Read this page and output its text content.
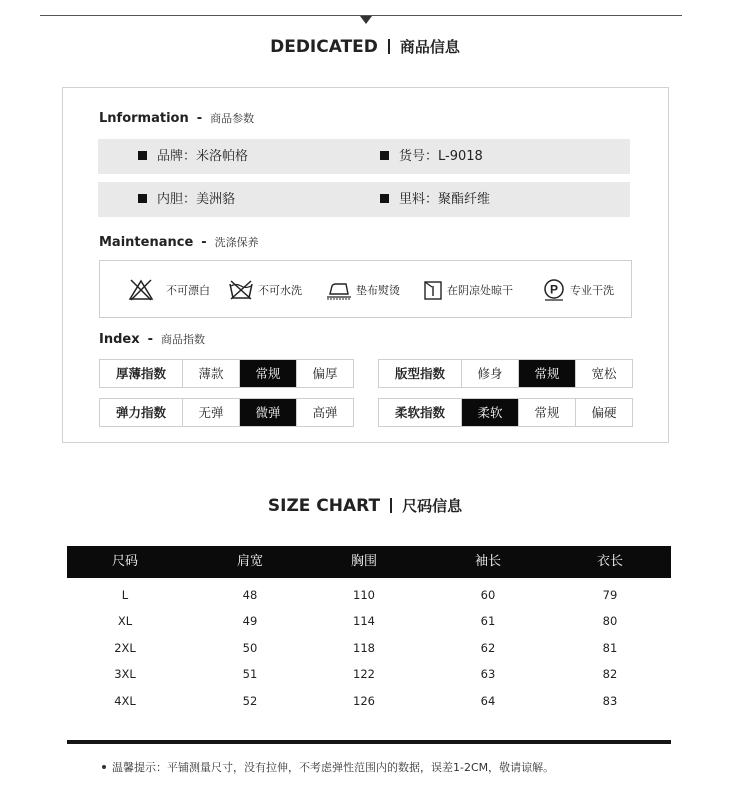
DEDICATED 商品信息
Lnformation - 商品参数
品牌：米洛帕格	货号：L-9018
内胆：美洲貉	里料：聚酯纤维
Maintenance - 洗涤保养
不可漂白	不可水洗	垫布熨烫	在阴凉处晾干	P 专业干洗
Index - 商品指数
厚薄指数	薄款	常规	偏厚	版型指数	修身	常规	宽松
弹力指数	无弹	微弹	高弹	柔软指数	柔软	常规	偏硬
SIZE CHART 尺码信息
尺码	肩宽	胸围	袖长	衣长
L	48	110	60	79
XL	49	114	61	80
2XL	50	118	62	81
3XL	51	122	63	82
4XL	52	126	64	83
温馨提示：平铺测量尺寸，没有拉伸，不考虑弹性范围内的数据，误差1-2CM，敬请谅解。
